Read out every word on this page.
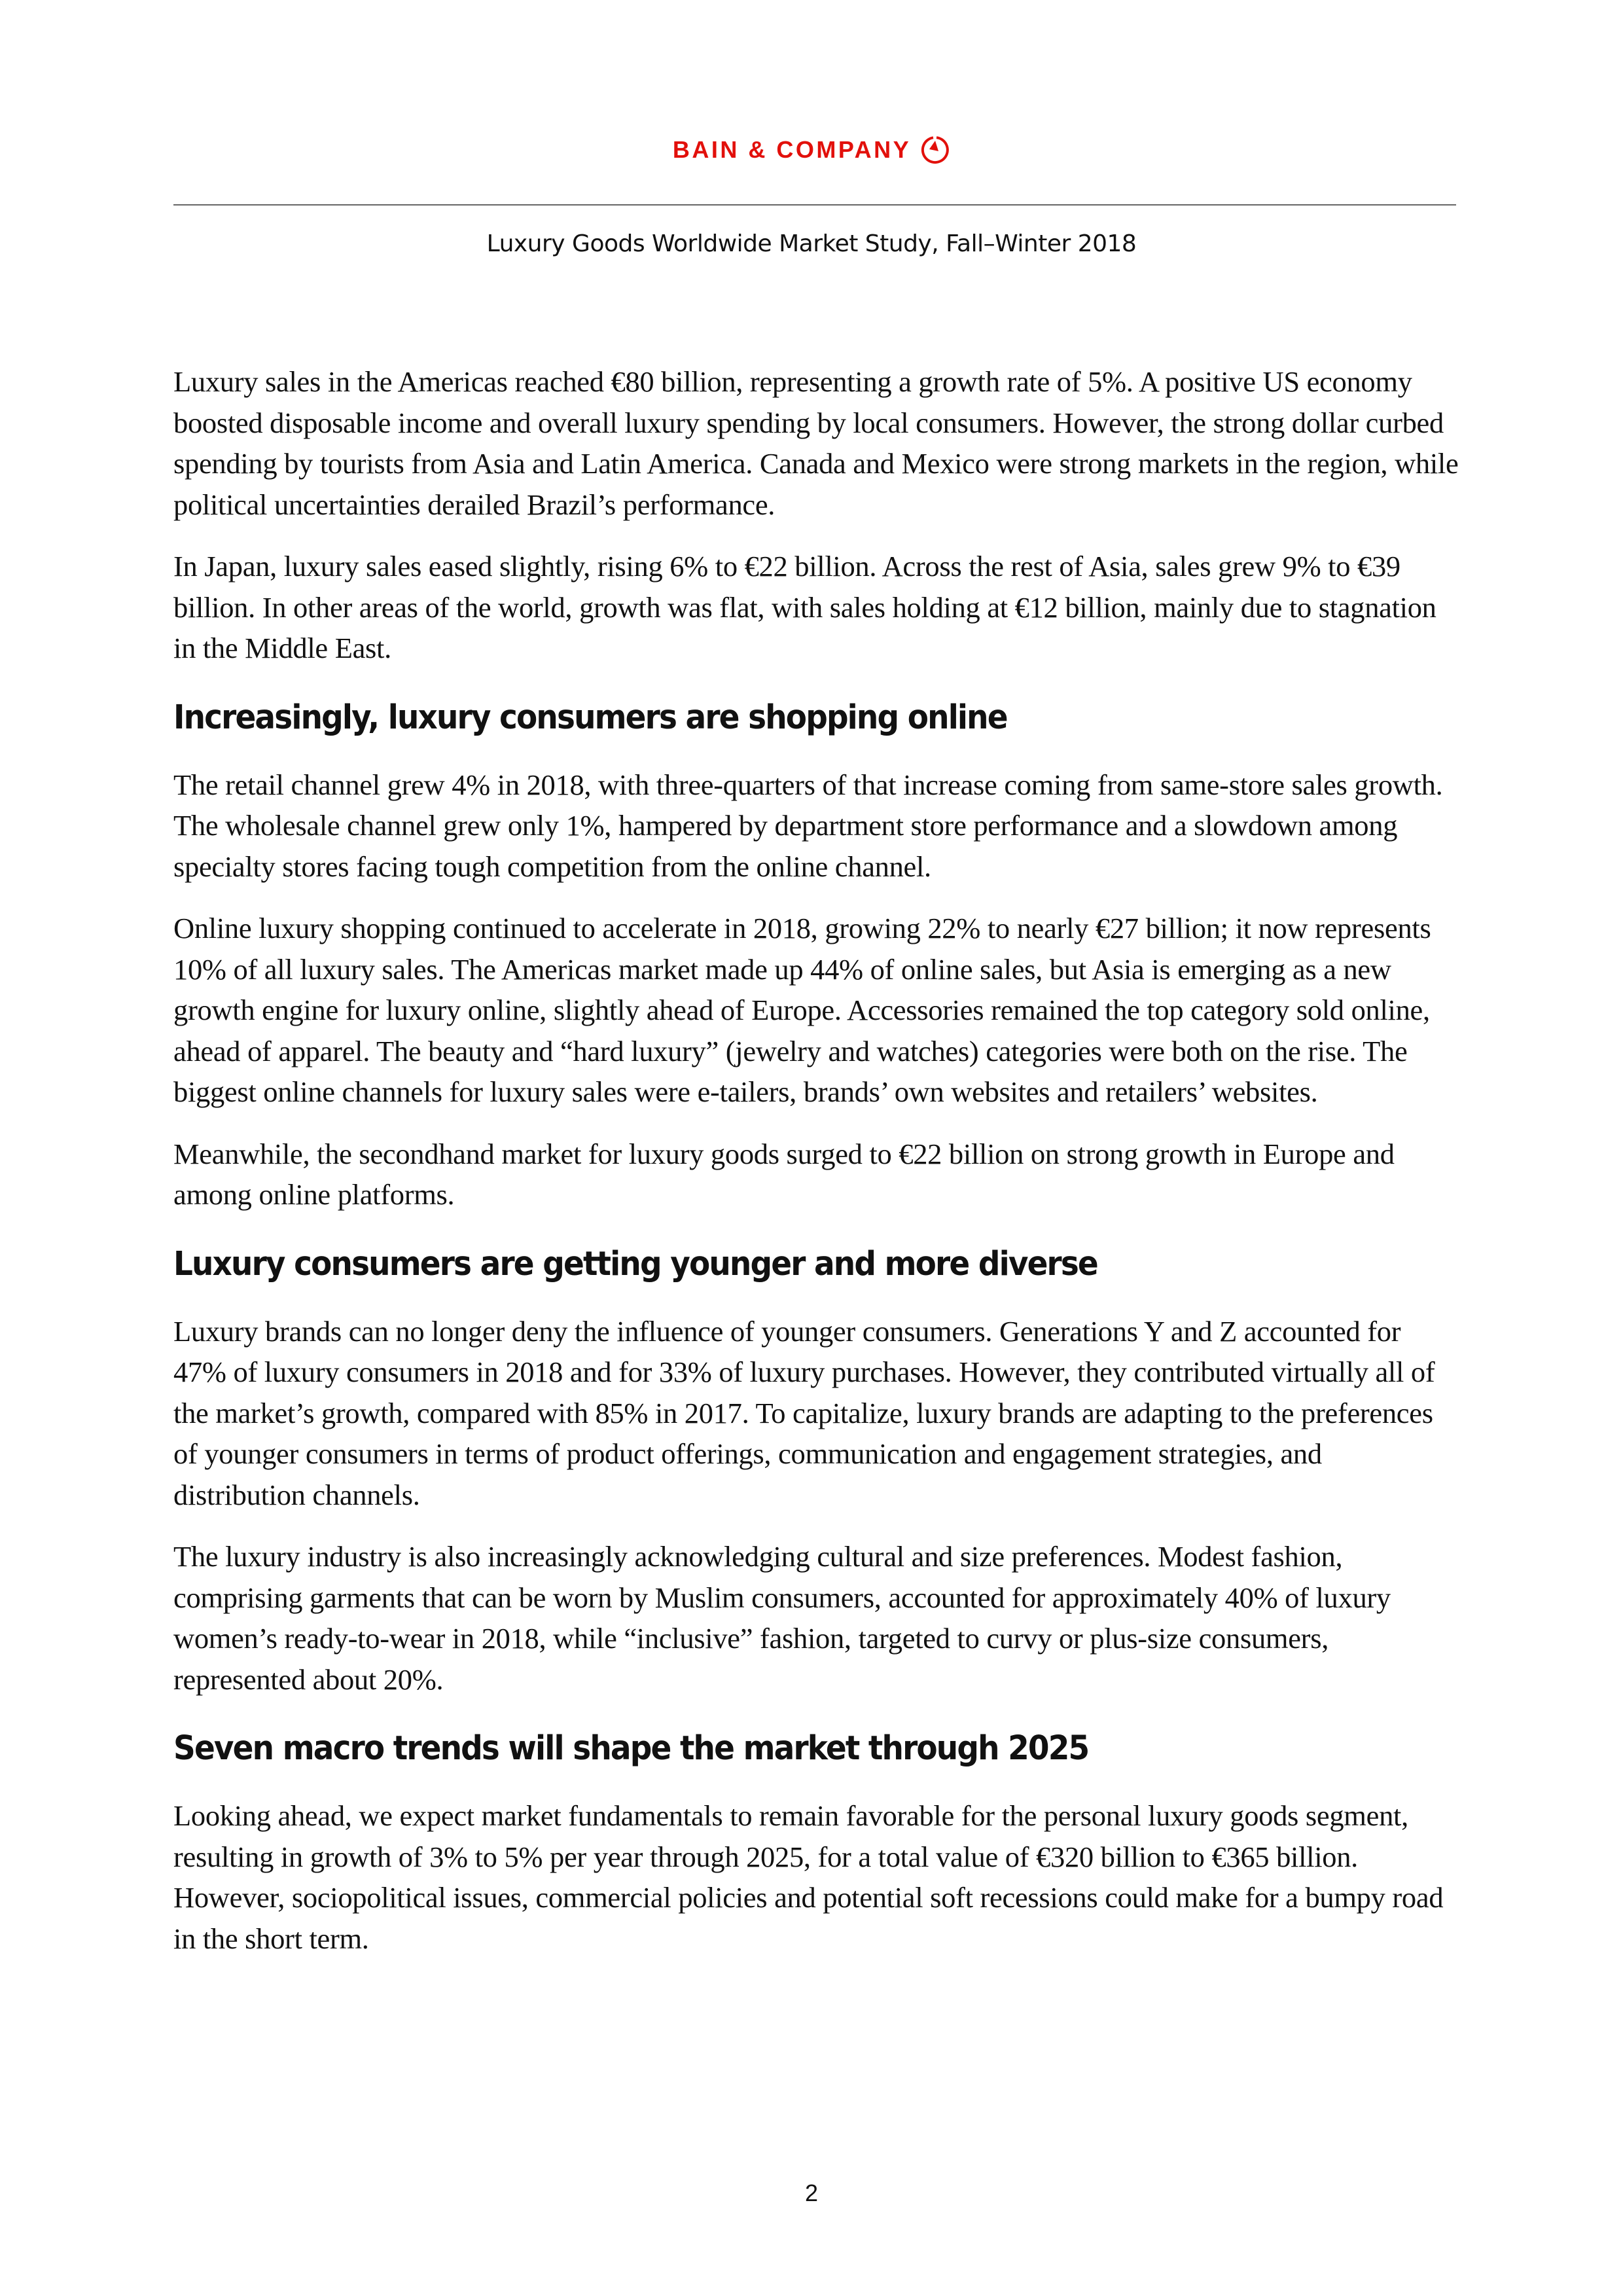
BAIN & COMPANY
Luxury Goods Worldwide Market Study, Fall–Winter 2018

Luxury sales in the Americas reached €80 billion, representing a growth rate of 5%. A positive US economy boosted disposable income and overall luxury spending by local consumers. However, the strong dollar curbed spending by tourists from Asia and Latin America. Canada and Mexico were strong markets in the region, while political uncertainties derailed Brazil’s performance.

In Japan, luxury sales eased slightly, rising 6% to €22 billion. Across the rest of Asia, sales grew 9% to €39 billion. In other areas of the world, growth was flat, with sales holding at €12 billion, mainly due to stagnation in the Middle East.

Increasingly, luxury consumers are shopping online

The retail channel grew 4% in 2018, with three-quarters of that increase coming from same-store sales growth. The wholesale channel grew only 1%, hampered by department store performance and a slowdown among specialty stores facing tough competition from the online channel.

Online luxury shopping continued to accelerate in 2018, growing 22% to nearly €27 billion; it now represents 10% of all luxury sales. The Americas market made up 44% of online sales, but Asia is emerging as a new growth engine for luxury online, slightly ahead of Europe. Accessories remained the top category sold online, ahead of apparel. The beauty and “hard luxury” (jewelry and watches) categories were both on the rise. The biggest online channels for luxury sales were e-tailers, brands’ own websites and retailers’ websites.

Meanwhile, the secondhand market for luxury goods surged to €22 billion on strong growth in Europe and among online platforms.

Luxury consumers are getting younger and more diverse

Luxury brands can no longer deny the influence of younger consumers. Generations Y and Z accounted for 47% of luxury consumers in 2018 and for 33% of luxury purchases. However, they contributed virtually all of the market’s growth, compared with 85% in 2017. To capitalize, luxury brands are adapting to the preferences of younger consumers in terms of product offerings, communication and engagement strategies, and distribution channels.

The luxury industry is also increasingly acknowledging cultural and size preferences. Modest fashion, comprising garments that can be worn by Muslim consumers, accounted for approximately 40% of luxury women’s ready-to-wear in 2018, while “inclusive” fashion, targeted to curvy or plus-size consumers, represented about 20%.

Seven macro trends will shape the market through 2025

Looking ahead, we expect market fundamentals to remain favorable for the personal luxury goods segment, resulting in growth of 3% to 5% per year through 2025, for a total value of €320 billion to €365 billion. However, sociopolitical issues, commercial policies and potential soft recessions could make for a bumpy road in the short term.

2
